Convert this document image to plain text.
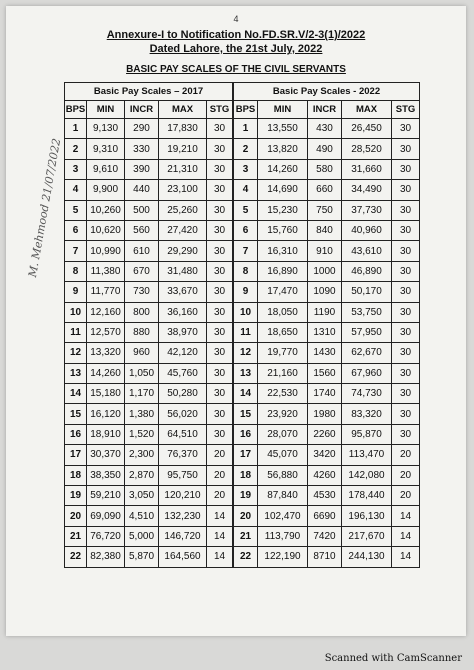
4
Annexure-I to Notification No.FD.SR.V/2-3(1)/2022
Dated Lahore, the 21st July, 2022
BASIC PAY SCALES OF THE CIVIL SERVANTS
M. Mehmood 21/07/2022
Basic Pay Scales – 2017				
BPS	MIN	INCR	MAX	STG
1	9,130	290	17,830	30
2	9,310	330	19,210	30
3	9,610	390	21,310	30
4	9,900	440	23,100	30
5	10,260	500	25,260	30
6	10,620	560	27,420	30
7	10,990	610	29,290	30
8	11,380	670	31,480	30
9	11,770	730	33,670	30
10	12,160	800	36,160	30
11	12,570	880	38,970	30
12	13,320	960	42,120	30
13	14,260	1,050	45,760	30
14	15,180	1,170	50,280	30
15	16,120	1,380	56,020	30
16	18,910	1,520	64,510	30
17	30,370	2,300	76,370	20
18	38,350	2,870	95,750	20
19	59,210	3,050	120,210	20
20	69,090	4,510	132,230	14
21	76,720	5,000	146,720	14
22	82,380	5,870	164,560	14
Basic Pay Scales - 2022				
BPS	MIN	INCR	MAX	STG
1	13,550	430	26,450	30
2	13,820	490	28,520	30
3	14,260	580	31,660	30
4	14,690	660	34,490	30
5	15,230	750	37,730	30
6	15,760	840	40,960	30
7	16,310	910	43,610	30
8	16,890	1000	46,890	30
9	17,470	1090	50,170	30
10	18,050	1190	53,750	30
11	18,650	1310	57,950	30
12	19,770	1430	62,670	30
13	21,160	1560	67,960	30
14	22,530	1740	74,730	30
15	23,920	1980	83,320	30
16	28,070	2260	95,870	30
17	45,070	3420	113,470	20
18	56,880	4260	142,080	20
19	87,840	4530	178,440	20
20	102,470	6690	196,130	14
21	113,790	7420	217,670	14
22	122,190	8710	244,130	14
Scanned with CamScanner
